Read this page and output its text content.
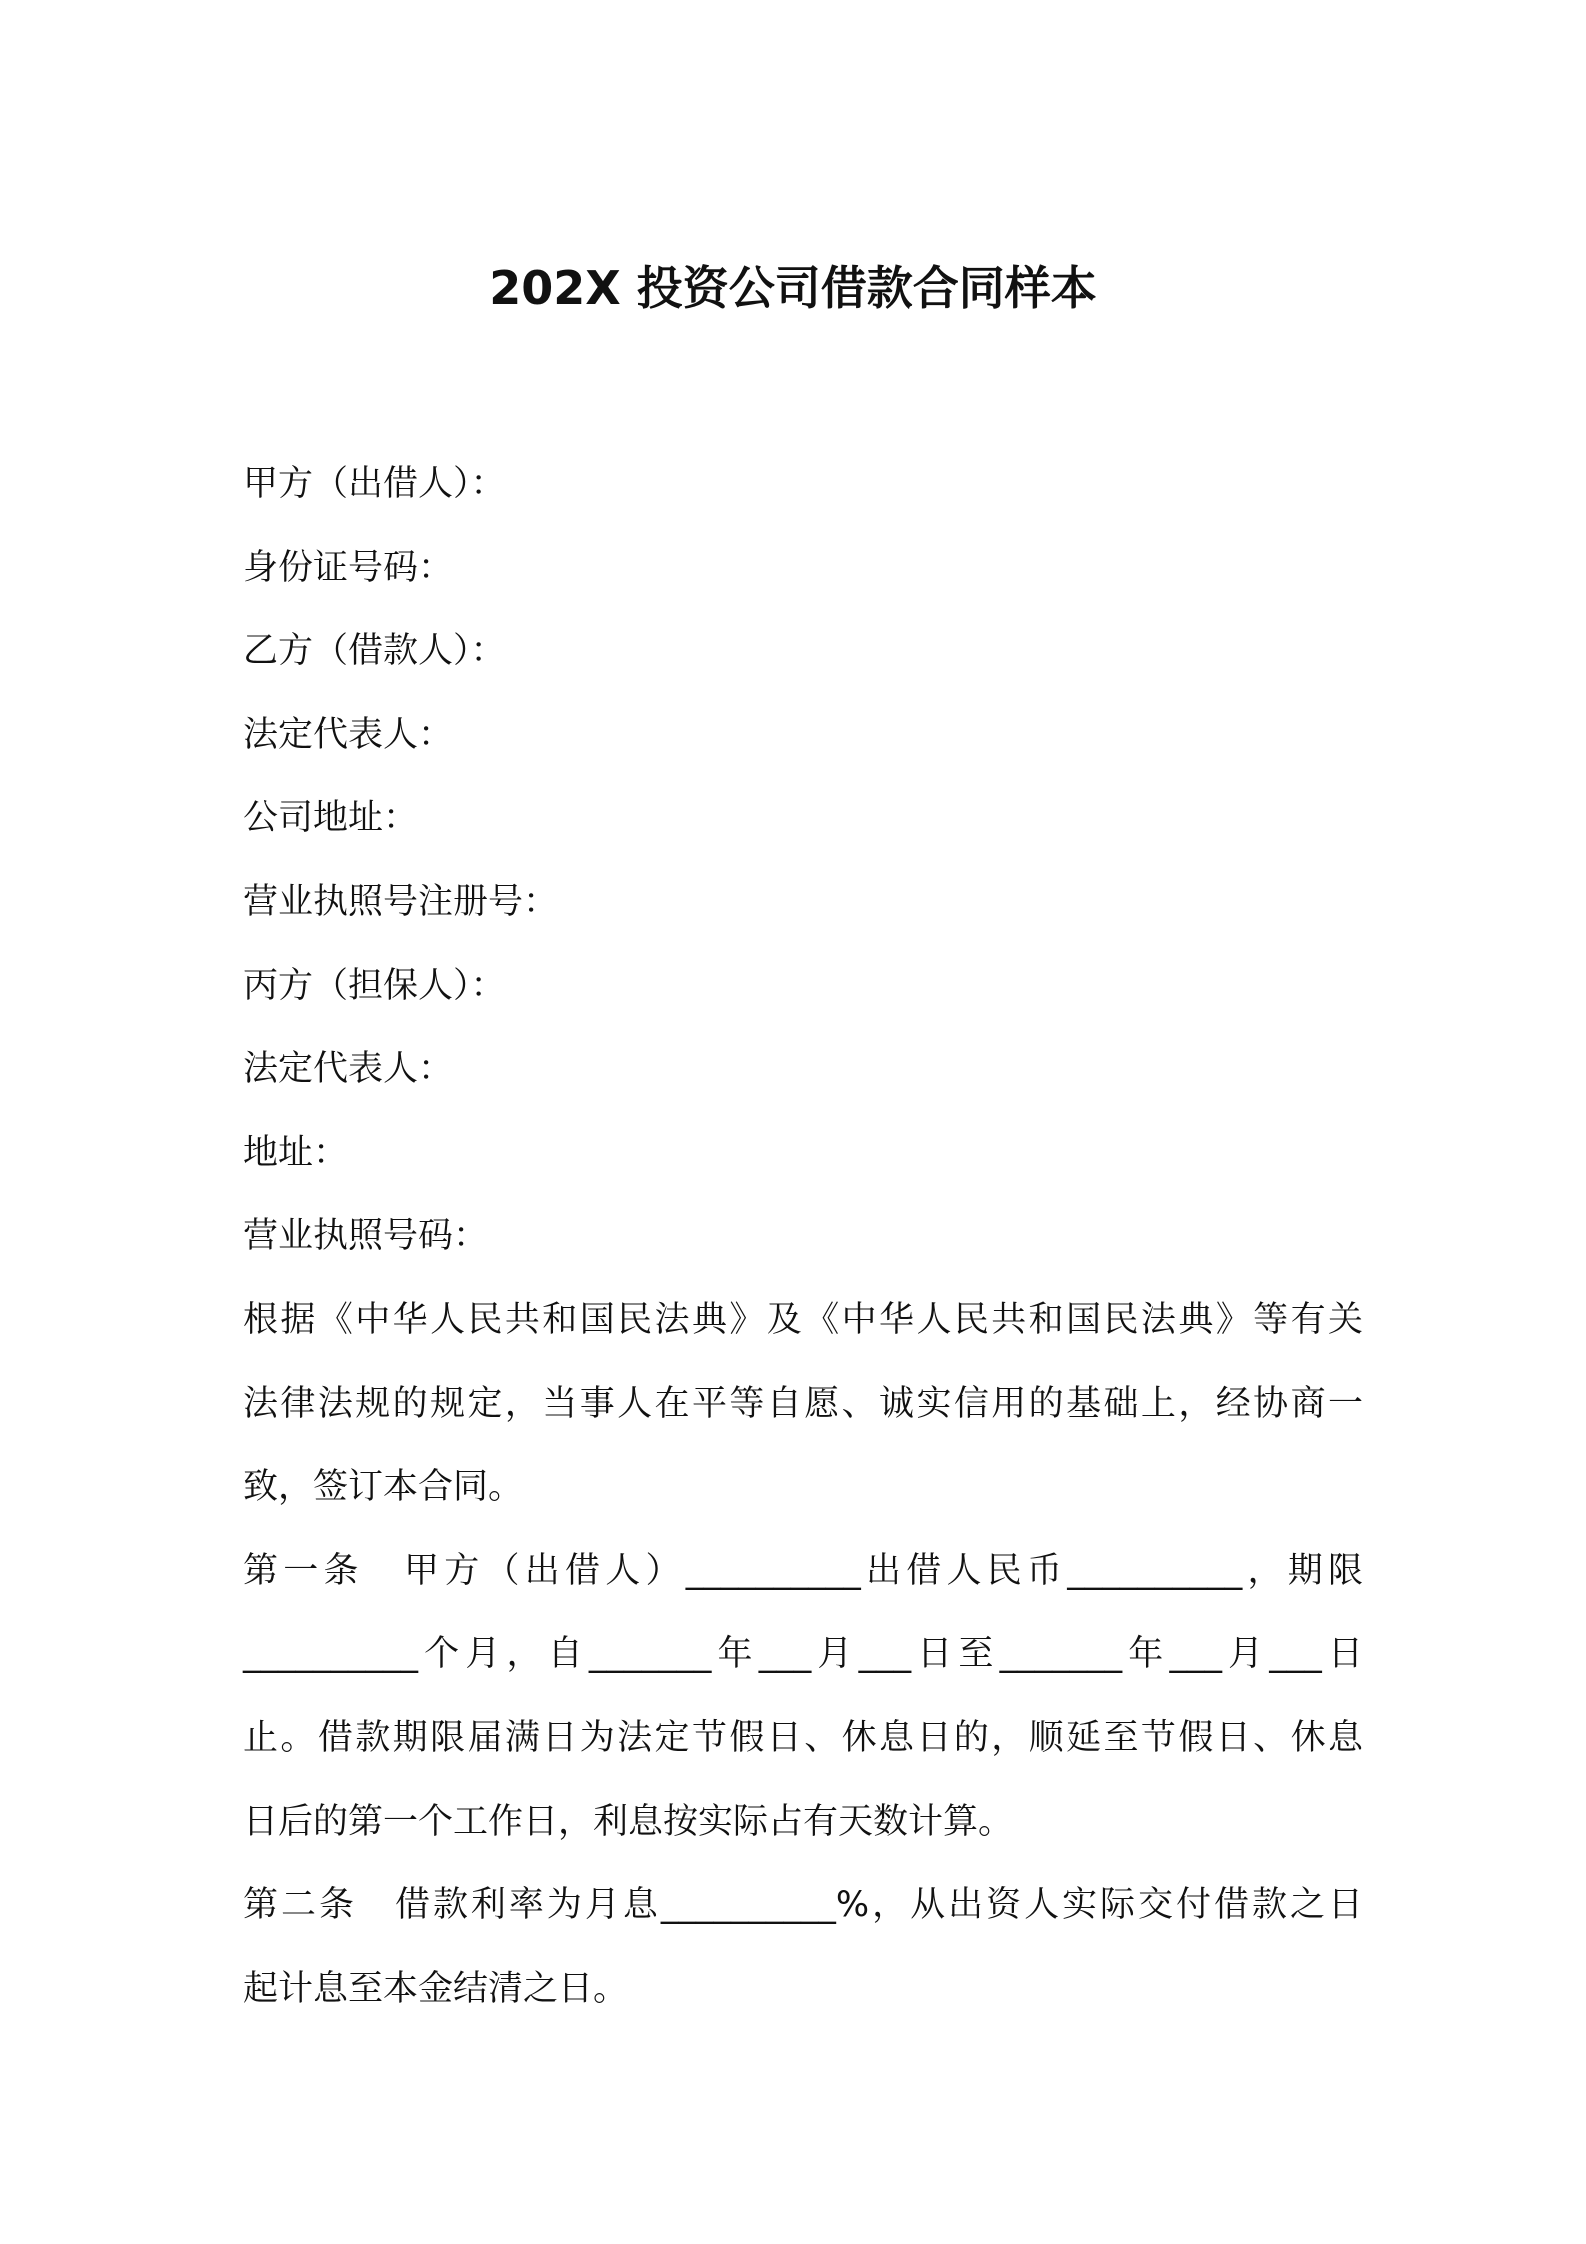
202X 投资公司借款合同样本
甲方（出借人）：
身份证号码：
乙方（借款人）：
法定代表人：
公司地址：
营业执照号注册号：
丙方（担保人）：
法定代表人：
地址：
营业执照号码：
根据《中华人民共和国民法典》及《中华人民共和国民法典》等有关
法律法规的规定，当事人在平等自愿、诚实信用的基础上，经协商一
致，签订本合同。
第一条　甲方（出借人）__________出借人民币__________，期限
__________个月，自_______年___月___日至_______年___月___日
止。借款期限届满日为法定节假日、休息日的，顺延至节假日、休息
日后的第一个工作日，利息按实际占有天数计算。
第二条　借款利率为月息__________%，从出资人实际交付借款之日
起计息至本金结清之日。
